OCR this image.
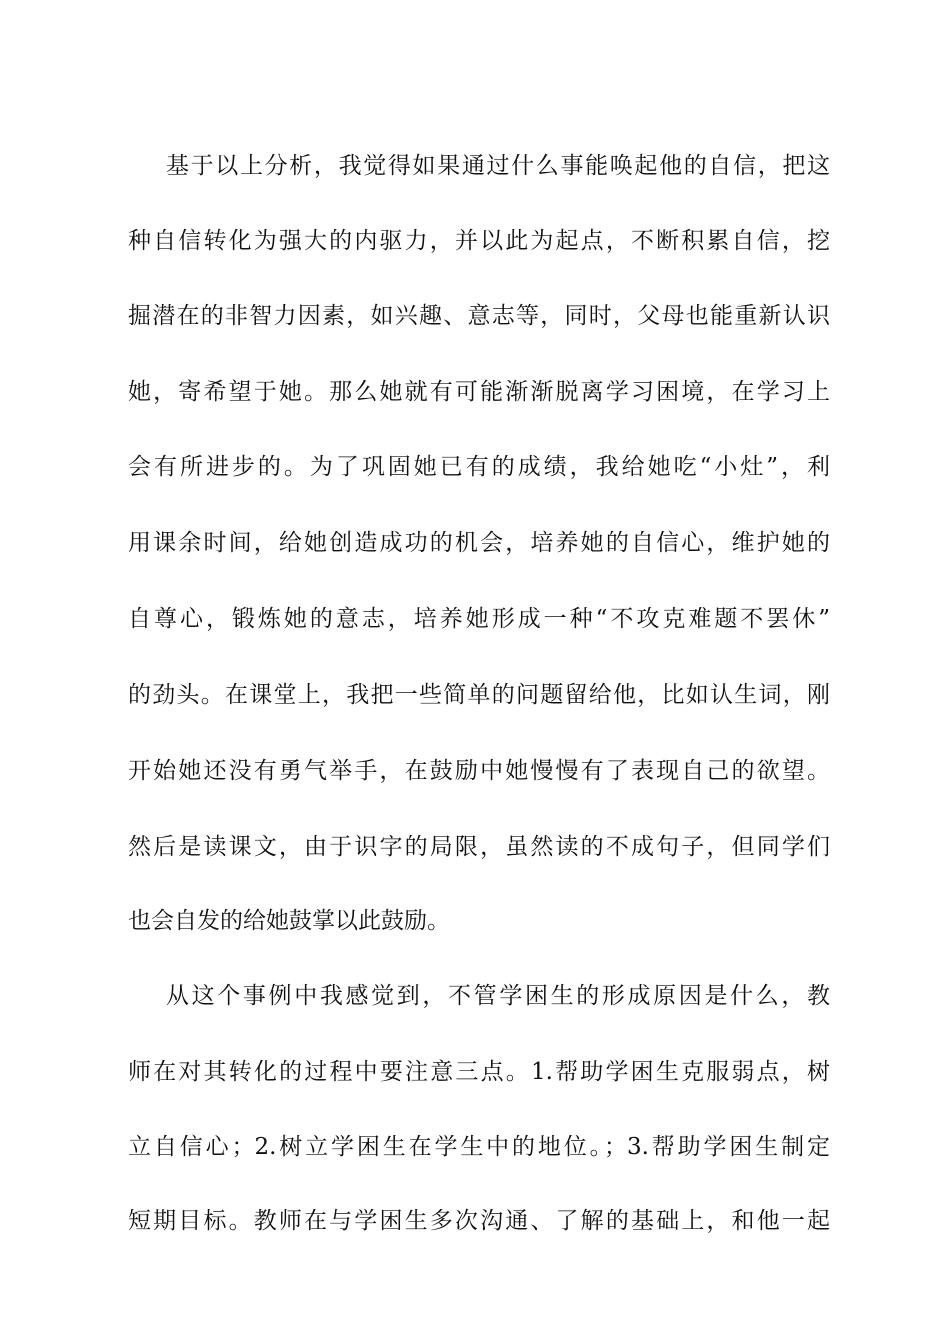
基于以上分析，我觉得如果通过什么事能唤起他的自信，把这
种自信转化为强大的内驱力，并以此为起点，不断积累自信，挖
掘潜在的非智力因素，如兴趣、意志等，同时，父母也能重新认识
她，寄希望于她。那么她就有可能渐渐脱离学习困境，在学习上
会有所进步的。为了巩固她已有的成绩，我给她吃“小灶”，利
用课余时间，给她创造成功的机会，培养她的自信心，维护她的
自尊心，锻炼她的意志，培养她形成一种“不攻克难题不罢休”
的劲头。在课堂上，我把一些简单的问题留给他，比如认生词，刚
开始她还没有勇气举手，在鼓励中她慢慢有了表现自己的欲望。
然后是读课文，由于识字的局限，虽然读的不成句子，但同学们
也会自发的给她鼓掌以此鼓励。
从这个事例中我感觉到，不管学困生的形成原因是什么，教
师在对其转化的过程中要注意三点。1.帮助学困生克服弱点，树
立自信心；2.树立学困生在学生中的地位。；3.帮助学困生制定
短期目标。教师在与学困生多次沟通、了解的基础上，和他一起
